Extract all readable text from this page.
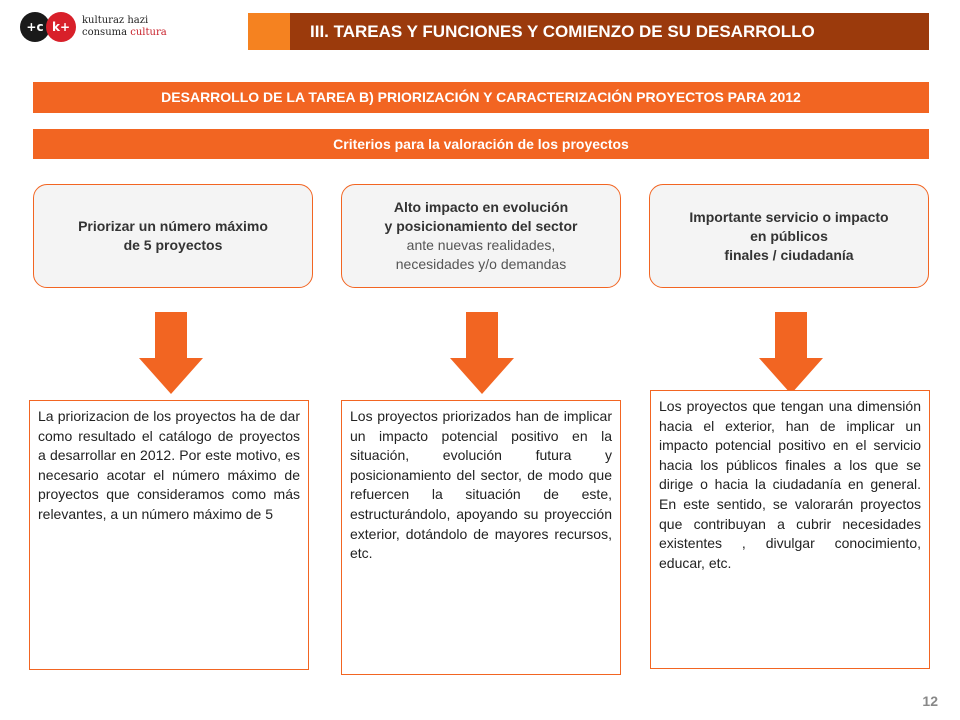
+c k+	kulturaz hazi
consuma cultura	III. TAREAS Y FUNCIONES Y COMIENZO DE SU DESARROLLO
DESARROLLO DE LA TAREA B) PRIORIZACIÓN Y CARACTERIZACIÓN PROYECTOS PARA 2012
Criterios para la valoración de los proyectos
Priorizar un número máximo
de 5 proyectos
Alto impacto en evolución
y posicionamiento del sector
ante nuevas realidades,
necesidades y/o demandas
Importante servicio o impacto
en públicos
finales / ciudadanía
La priorizacion de los proyectos ha de dar como resultado el catálogo de proyectos a desarrollar en 2012. Por este motivo, es necesario acotar el número máximo de proyectos que consideramos como más relevantes, a un número máximo de 5
Los proyectos priorizados han de implicar un impacto potencial positivo en la situación, evolución futura y posicionamiento del sector, de modo que refuercen la situación de este, estructurándolo, apoyando su proyección exterior, dotándolo de mayores recursos, etc.
Los proyectos que tengan una dimensión hacia el exterior, han de implicar un impacto potencial positivo en el servicio hacia los públicos finales a los que se dirige o hacia la ciudadanía en general. En este sentido, se valorarán proyectos que contribuyan a cubrir necesidades existentes , divulgar conocimiento, educar, etc.
12
